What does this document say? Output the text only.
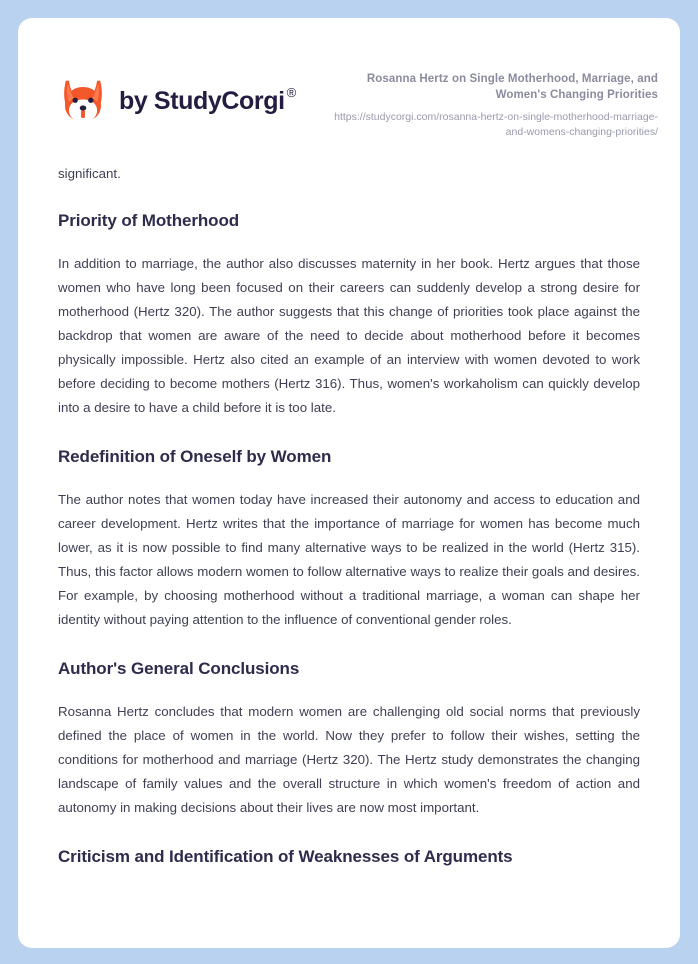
by StudyCorgi ®
Rosanna Hertz on Single Motherhood, Marriage, and Women's Changing Priorities
https://studycorgi.com/rosanna-hertz-on-single-motherhood-marriage-and-womens-changing-priorities/

significant.

Priority of Motherhood

In addition to marriage, the author also discusses maternity in her book. Hertz argues that those women who have long been focused on their careers can suddenly develop a strong desire for motherhood (Hertz 320). The author suggests that this change of priorities took place against the backdrop that women are aware of the need to decide about motherhood before it becomes physically impossible. Hertz also cited an example of an interview with women devoted to work before deciding to become mothers (Hertz 316). Thus, women's workaholism can quickly develop into a desire to have a child before it is too late.

Redefinition of Oneself by Women

The author notes that women today have increased their autonomy and access to education and career development. Hertz writes that the importance of marriage for women has become much lower, as it is now possible to find many alternative ways to be realized in the world (Hertz 315). Thus, this factor allows modern women to follow alternative ways to realize their goals and desires. For example, by choosing motherhood without a traditional marriage, a woman can shape her identity without paying attention to the influence of conventional gender roles.

Author's General Conclusions

Rosanna Hertz concludes that modern women are challenging old social norms that previously defined the place of women in the world. Now they prefer to follow their wishes, setting the conditions for motherhood and marriage (Hertz 320). The Hertz study demonstrates the changing landscape of family values and the overall structure in which women's freedom of action and autonomy in making decisions about their lives are now most important.

Criticism and Identification of Weaknesses of Arguments
